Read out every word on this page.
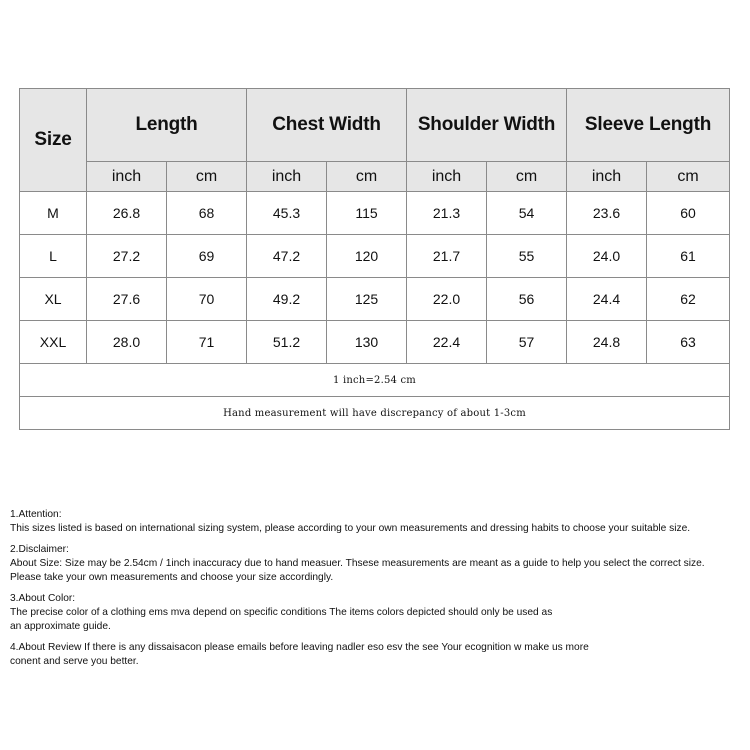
Size	Length		Chest Width		Shoulder Width		Sleeve Length	
	inch	cm	inch	cm	inch	cm	inch	cm
M	26.8	68	45.3	115	21.3	54	23.6	60
L	27.2	69	47.2	120	21.7	55	24.0	61
XL	27.6	70	49.2	125	22.0	56	24.4	62
XXL	28.0	71	51.2	130	22.4	57	24.8	63
1 inch=2.54 cm								
Hand measurement will have discrepancy of about 1-3cm								

1.Attention:

This sizes listed is based on international sizing system, please according to your own measurements and dressing habits to choose your suitable size.

2.Disclaimer:

About Size: Size may be 2.54cm / 1inch inaccuracy due to hand measuer. Thsese measurements are meant as a guide to help you select the correct size.

Please take your own measurements and choose your size accordingly.

3.About Color:

The precise color of a clothing ems mva depend on specific conditions The items colors depicted should only be used as

an approximate guide.

4.About Review If there is any dissaisacon please emails before leaving nadler eso esv the see Your ecognition w make us more

conent and serve you better.
